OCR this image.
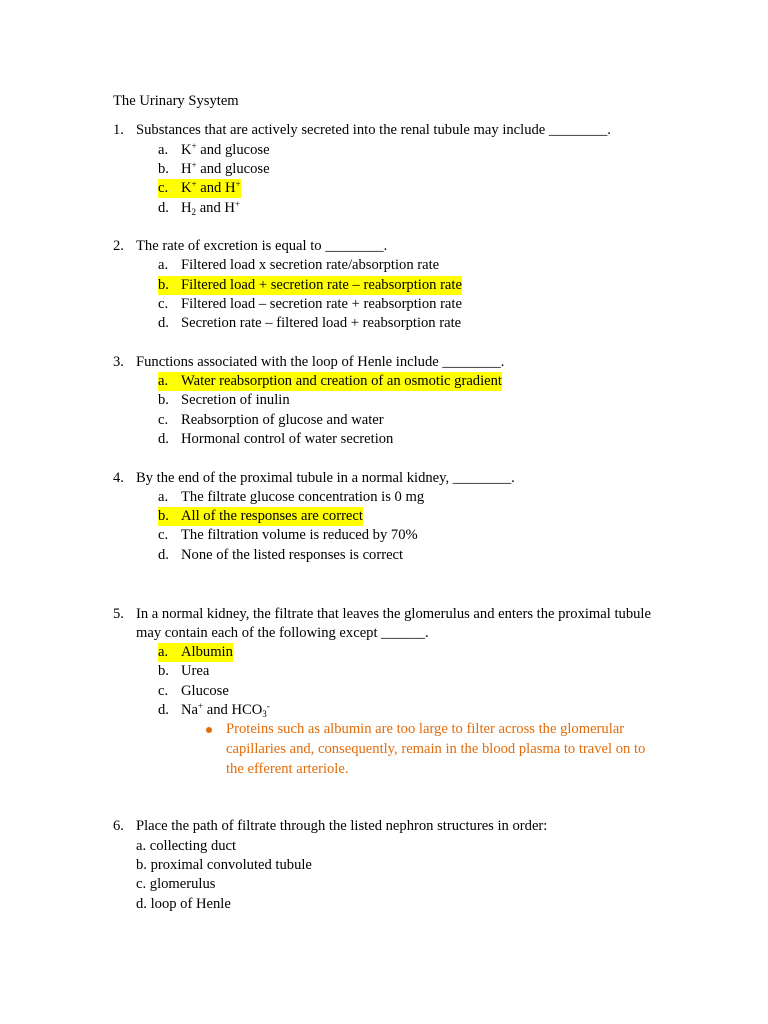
The Urinary Sysytem
1. Substances that are actively secreted into the renal tubule may include ________.
a. K+ and glucose
b. H+ and glucose
c. K+ and H+
d. $H_2$ and H+
2. The rate of excretion is equal to ________.
a. Filtered load x secretion rate/absorption rate
b. Filtered load + secretion rate – reabsorption rate
c. Filtered load – secretion rate + reabsorption rate
d. Secretion rate – filtered load + reabsorption rate
3. Functions associated with the loop of Henle include ________.
a. Water reabsorption and creation of an osmotic gradient
b. Secretion of inulin
c. Reabsorption of glucose and water
d. Hormonal control of water secretion
4. By the end of the proximal tubule in a normal kidney, ________.
a. The filtrate glucose concentration is 0 mg
b. All of the responses are correct
c. The filtration volume is reduced by 70%
d. None of the listed responses is correct
5. In a normal kidney, the filtrate that leaves the glomerulus and enters the proximal tubule
may contain each of the following except ______.
a. Albumin
b. Urea
c. Glucose
d. Na+ and $HCO_3^-$
Proteins such as albumin are too large to filter across the glomerular
capillaries and, consequently, remain in the blood plasma to travel on to
the efferent arteriole.
6. Place the path of filtrate through the listed nephron structures in order:
a. collecting duct
b. proximal convoluted tubule
c. glomerulus
d. loop of Henle
